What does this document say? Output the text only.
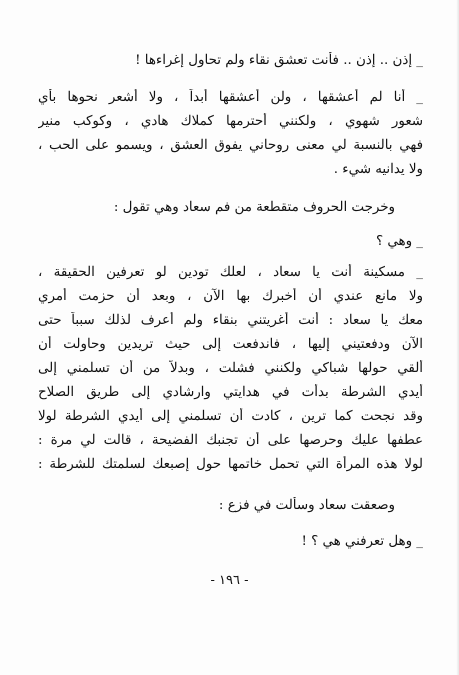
_ إذن .. إذن .. فأنت تعشق نقاء ولم تحاول إغراءها !
_ أنا لم أعشقها ، ولن أعشقها أبداً ، ولا أشعر نحوها بأي
شعور شهوي ، ولكنني أحترمها كملاك هادي ، وكوكب منير
فهي بالنسبة لي معنى روحاني يفوق العشق ، ويسمو على الحب ،
ولا يدانيه شيء .
وخرجت الحروف متقطعة من فم سعاد وهي تقول :
_ وهي ؟
_ مسكينة أنت يا سعاد ، لعلك تودين لو تعرفين الحقيقة ،
ولا مانع عندي أن أخبرك بها الآن ، وبعد أن حزمت أمري
معك يا سعاد : أنت أغريتني بنقاء ولم أعرف لذلك سبباً حتى
الآن ودفعتيني إليها ، فاندفعت إلى حيث تريدين وحاولت أن
ألقي حولها شباكي ولكنني فشلت ، وبدلاً من أن تسلمني إلى
أيدي الشرطة بدأت في هدايتي وارشادي إلى طريق الصلاح
وقد نجحت كما ترين ، كادت أن تسلمني إلى أيدي الشرطة لولا
عطفها عليك وحرصها على أن تجنبك الفضيحة ، قالت لي مرة :
لولا هذه المرأة التي تحمل خاتمها حول إصبعك لسلمتك للشرطة :
وصعقت سعاد وسألت في فزع :
_ وهل تعرفني هي ؟ !
- ١٩٦ -
